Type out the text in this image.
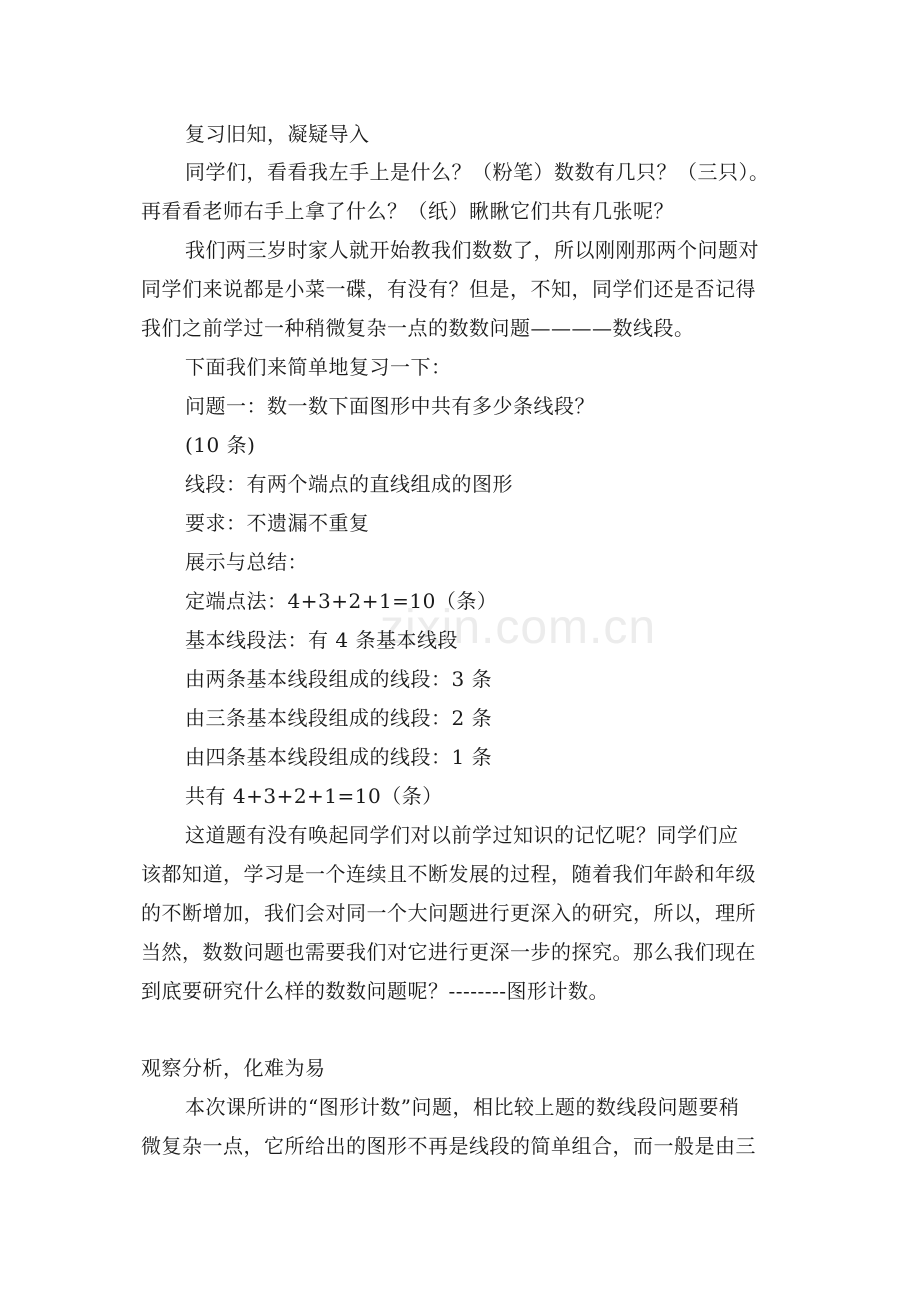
zixin.com.cn
复习旧知，凝疑导入
同学们，看看我左手上是什么？（粉笔）数数有几只？（三只）。
再看看老师右手上拿了什么？（纸）瞅瞅它们共有几张呢？
我们两三岁时家人就开始教我们数数了，所以刚刚那两个问题对
同学们来说都是小菜一碟，有没有？但是，不知，同学们还是否记得
我们之前学过一种稍微复杂一点的数数问题————数线段。
下面我们来简单地复习一下：
问题一：数一数下面图形中共有多少条线段？
(10 条)
线段：有两个端点的直线组成的图形
要求：不遗漏不重复
展示与总结：
定端点法：4+3+2+1=10（条）
基本线段法：有 4 条基本线段
由两条基本线段组成的线段：3 条
由三条基本线段组成的线段：2 条
由四条基本线段组成的线段：1 条
共有 4+3+2+1=10（条）
这道题有没有唤起同学们对以前学过知识的记忆呢？同学们应
该都知道，学习是一个连续且不断发展的过程，随着我们年龄和年级
的不断增加，我们会对同一个大问题进行更深入的研究，所以，理所
当然，数数问题也需要我们对它进行更深一步的探究。那么我们现在
到底要研究什么样的数数问题呢？--------图形计数。
观察分析，化难为易
本次课所讲的“图形计数”问题，相比较上题的数线段问题要稍
微复杂一点，它所给出的图形不再是线段的简单组合，而一般是由三
